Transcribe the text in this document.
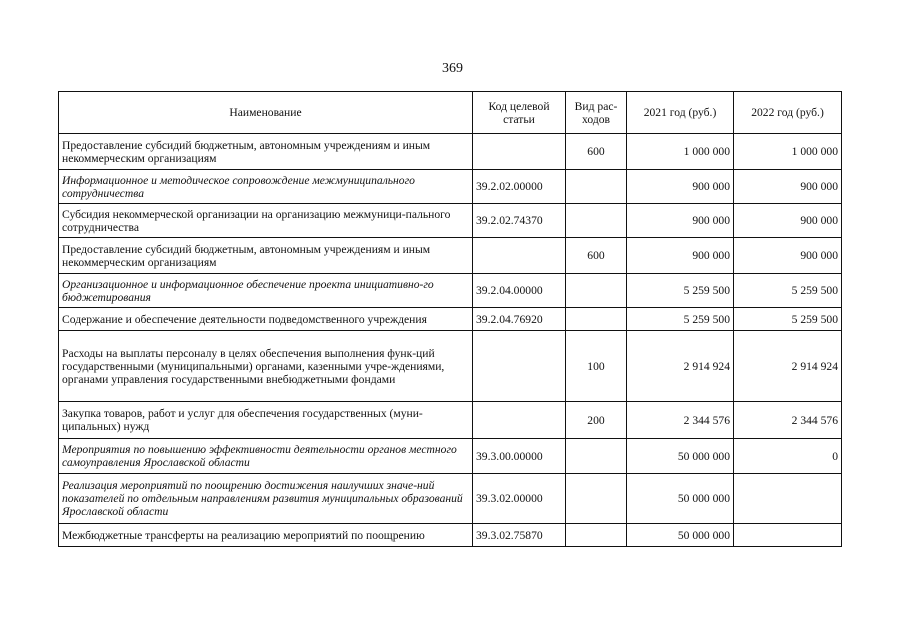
369
Наименование	Код целевой статьи	Вид рас-ходов	2021 год (руб.)	2022 год (руб.)
Предоставление субсидий бюджетным, автономным учреждениям и иным некоммерческим организациям		600	1 000 000	1 000 000
Информационное и методическое сопровождение межмуниципального сотрудничества	39.2.02.00000		900 000	900 000
Субсидия некоммерческой организации на организацию межмуници-пального сотрудничества	39.2.02.74370		900 000	900 000
Предоставление субсидий бюджетным, автономным учреждениям и иным некоммерческим организациям		600	900 000	900 000
Организационное и информационное обеспечение проекта инициативно-го бюджетирования	39.2.04.00000		5 259 500	5 259 500
Содержание и обеспечение деятельности подведомственного учреждения	39.2.04.76920		5 259 500	5 259 500
Расходы на выплаты персоналу в целях обеспечения выполнения функ-ций государственными (муниципальными) органами, казенными учре-ждениями, органами управления государственными внебюджетными фондами		100	2 914 924	2 914 924
Закупка товаров, работ и услуг для обеспечения государственных (муни-ципальных) нужд		200	2 344 576	2 344 576
Мероприятия по повышению эффективности деятельности органов местного самоуправления Ярославской области	39.3.00.00000		50 000 000	0
Реализация мероприятий по поощрению достижения наилучших значе-ний показателей по отдельным направлениям развития муниципальных образований Ярославской области	39.3.02.00000		50 000 000	
Межбюджетные трансферты на реализацию мероприятий по поощрению	39.3.02.75870		50 000 000	
